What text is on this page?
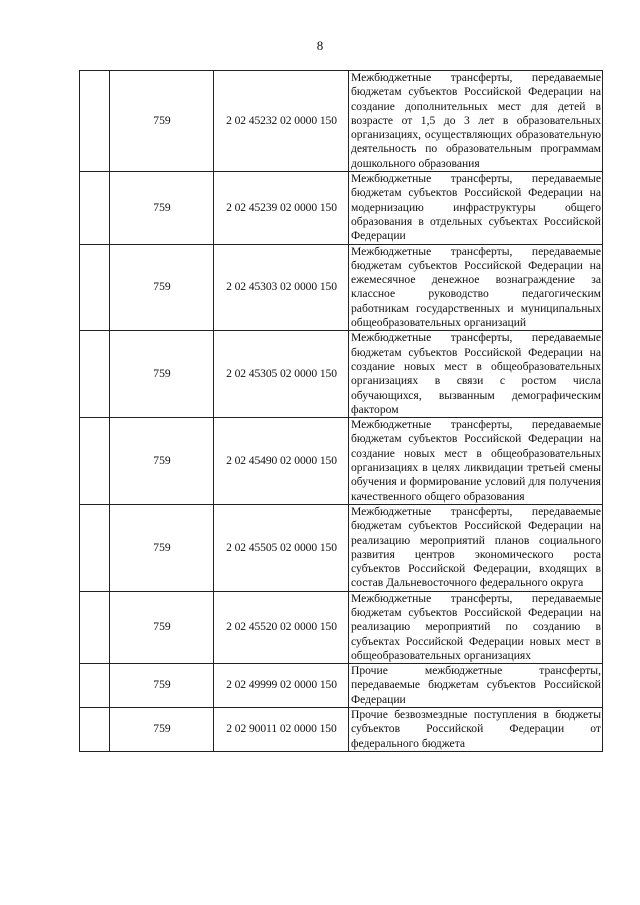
8
	759	2 02 45232 02 0000 150	Межбюджетные трансферты, передаваемые бюджетам субъектов Российской Федерации на создание дополнительных мест для детей в возрасте от 1,5 до 3 лет в образовательных организациях, осуществляющих образовательную деятельность по образовательным программам дошкольного образования
	759	2 02 45239 02 0000 150	Межбюджетные трансферты, передаваемые бюджетам субъектов Российской Федерации на модернизацию инфраструктуры общего образования в отдельных субъектах Российской Федерации
	759	2 02 45303 02 0000 150	Межбюджетные трансферты, передаваемые бюджетам субъектов Российской Федерации на ежемесячное денежное вознаграждение за классное руководство педагогическим работникам государственных и муниципальных общеобразовательных организаций
	759	2 02 45305 02 0000 150	Межбюджетные трансферты, передаваемые бюджетам субъектов Российской Федерации на создание новых мест в общеобразовательных организациях в связи с ростом числа обучающихся, вызванным демографическим фактором
	759	2 02 45490 02 0000 150	Межбюджетные трансферты, передаваемые бюджетам субъектов Российской Федерации на создание новых мест в общеобразовательных организациях в целях ликвидации третьей смены обучения и формирование условий для получения качественного общего образования
	759	2 02 45505 02 0000 150	Межбюджетные трансферты, передаваемые бюджетам субъектов Российской Федерации на реализацию мероприятий планов социального развития центров экономического роста субъектов Российской Федерации, входящих в состав Дальневосточного федерального округа
	759	2 02 45520 02 0000 150	Межбюджетные трансферты, передаваемые бюджетам субъектов Российской Федерации на реализацию мероприятий по созданию в субъектах Российской Федерации новых мест в общеобразовательных организациях
	759	2 02 49999 02 0000 150	Прочие межбюджетные трансферты, передаваемые бюджетам субъектов Российской Федерации
	759	2 02 90011 02 0000 150	Прочие безвозмездные поступления в бюджеты субъектов Российской Федерации от федерального бюджета
